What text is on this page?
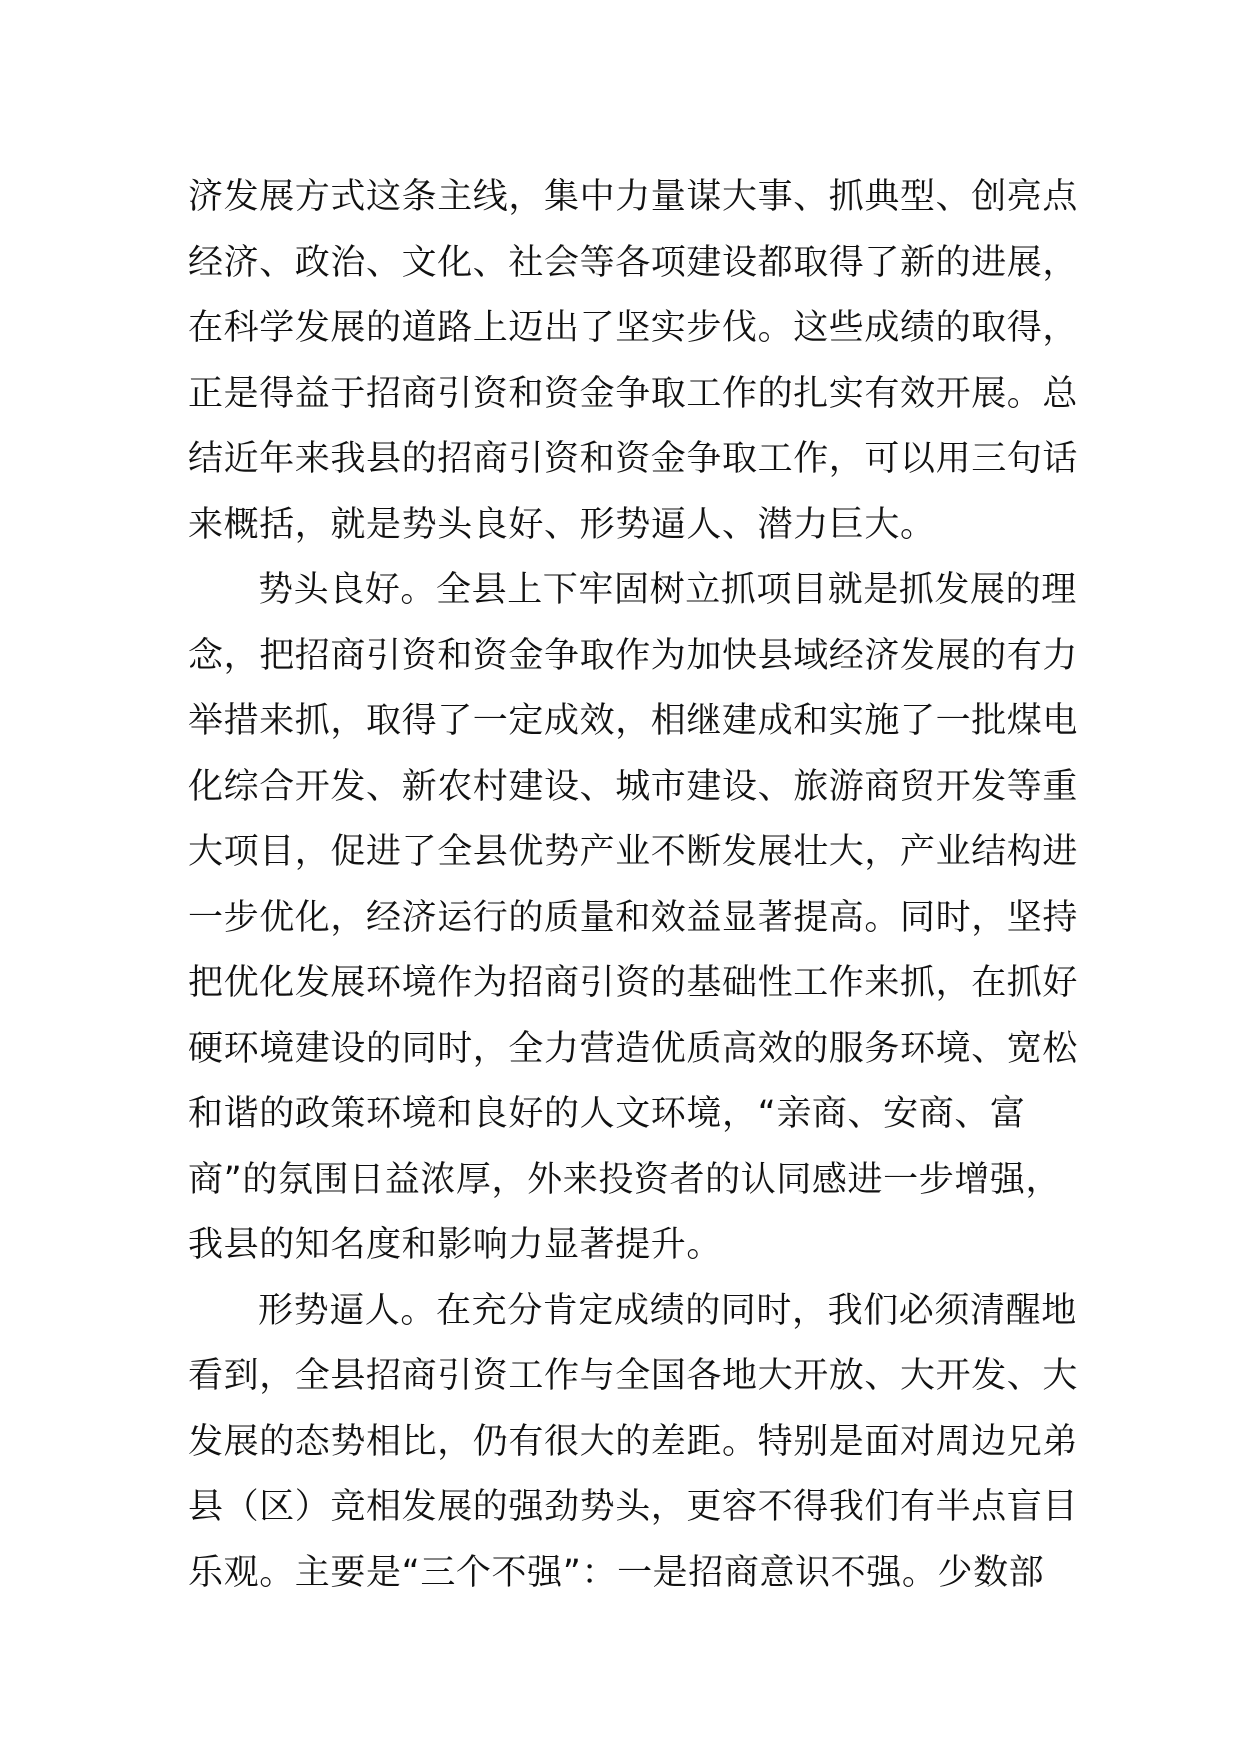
济发展方式这条主线，集中力量谋大事、抓典型、创亮点
经济、政治、文化、社会等各项建设都取得了新的进展，
在科学发展的道路上迈出了坚实步伐。这些成绩的取得，
正是得益于招商引资和资金争取工作的扎实有效开展。总
结近年来我县的招商引资和资金争取工作，可以用三句话
来概括，就是势头良好、形势逼人、潜力巨大。
势头良好。全县上下牢固树立抓项目就是抓发展的理
念，把招商引资和资金争取作为加快县域经济发展的有力
举措来抓，取得了一定成效，相继建成和实施了一批煤电
化综合开发、新农村建设、城市建设、旅游商贸开发等重
大项目，促进了全县优势产业不断发展壮大，产业结构进
一步优化，经济运行的质量和效益显著提高。同时，坚持
把优化发展环境作为招商引资的基础性工作来抓，在抓好
硬环境建设的同时，全力营造优质高效的服务环境、宽松
和谐的政策环境和良好的人文环境，“亲商、安商、富
商”的氛围日益浓厚，外来投资者的认同感进一步增强，
我县的知名度和影响力显著提升。
形势逼人。在充分肯定成绩的同时，我们必须清醒地
看到，全县招商引资工作与全国各地大开放、大开发、大
发展的态势相比，仍有很大的差距。特别是面对周边兄弟
县（区）竞相发展的强劲势头，更容不得我们有半点盲目
乐观。主要是“三个不强”：一是招商意识不强。少数部
